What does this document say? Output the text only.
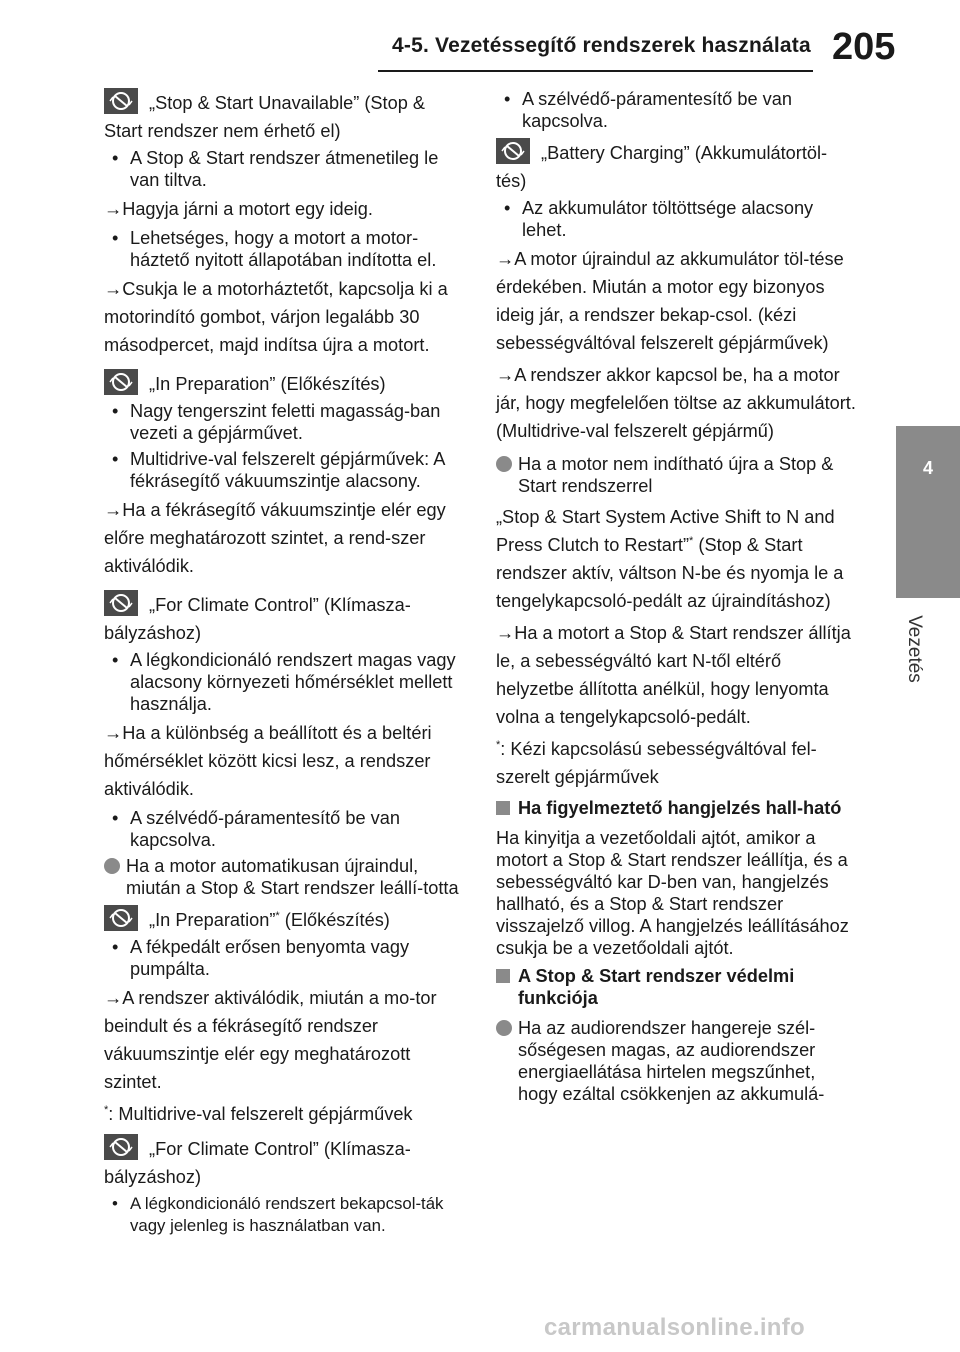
4-5. Vezetéssegítő rendszerek használata 205
4
Vezetés
„Stop & Start Unavailable” (Stop & Start rendszer nem érhető el)
• A Stop & Start rendszer átmenetileg le van tiltva.
→Hagyja járni a motort egy ideig.
• Lehetséges, hogy a motort a motor-háztető nyitott állapotában indította el.
→Csukja le a motorháztetőt, kapcsolja ki a motorindító gombot, várjon legalább 30 másodpercet, majd indítsa újra a motort.
„In Preparation” (Előkészítés)
• Nagy tengerszint feletti magasság-ban vezeti a gépjárművet.
• Multidrive-val felszerelt gépjárművek: A fékrásegítő vákuumszintje alacsony.
→Ha a fékrásegítő vákuumszintje elér egy előre meghatározott szintet, a rend-szer aktiválódik.
„For Climate Control” (Klímasza-bályzáshoz)
• A légkondicionáló rendszert magas vagy alacsony környezeti hőmérséklet mellett használja.
→Ha a különbség a beállított és a beltéri hőmérséklet között kicsi lesz, a rendszer aktiválódik.
• A szélvédő-páramentesítő be van kapcsolva.
Ha a motor automatikusan újraindul, miután a Stop & Start rendszer leállí-totta
„In Preparation”* (Előkészítés)
• A fékpedált erősen benyomta vagy pumpálta.
→A rendszer aktiválódik, miután a mo-tor beindult és a fékrásegítő rendszer vákuumszintje elér egy meghatározott szintet.
*: Multidrive-val felszerelt gépjárművek
„For Climate Control” (Klímasza-bályzáshoz)
• A légkondicionáló rendszert bekapcsol-ták vagy jelenleg is használatban van.
• A szélvédő-páramentesítő be van kapcsolva.
„Battery Charging” (Akkumulátortöl-tés)
• Az akkumulátor töltöttsége alacsony lehet.
→A motor újraindul az akkumulátor töl-tése érdekében. Miután a motor egy bizonyos ideig jár, a rendszer bekap-csol. (kézi sebességváltóval felszerelt gépjárművek)
→A rendszer akkor kapcsol be, ha a motor jár, hogy megfelelően töltse az akkumulátort. (Multidrive-val felszerelt gépjármű)
Ha a motor nem indítható újra a Stop & Start rendszerrel
„Stop & Start System Active Shift to N and Press Clutch to Restart”* (Stop & Start rendszer aktív, váltson N-be és nyomja le a tengelykapcsoló-pedált az újraindításhoz)
→Ha a motort a Stop & Start rendszer állítja le, a sebességváltó kart N-től eltérő helyzetbe állította anélkül, hogy lenyomta volna a tengelykapcsoló-pedált.
*: Kézi kapcsolású sebességváltóval fel-szerelt gépjárművek
Ha figyelmeztető hangjelzés hall-ható
Ha kinyitja a vezetőoldali ajtót, amikor a motort a Stop & Start rendszer leállítja, és a sebességváltó kar D-ben van, hangjelzés hallható, és a Stop & Start rendszer visszajelző villog. A hangjelzés leállításához csukja be a vezetőoldali ajtót.
A Stop & Start rendszer védelmi funkciója
Ha az audiorendszer hangereje szél-sőségesen magas, az audiorendszer energiaellátása hirtelen megszűnhet, hogy ezáltal csökkenjen az akkumulá-
carmanualsonline.info
